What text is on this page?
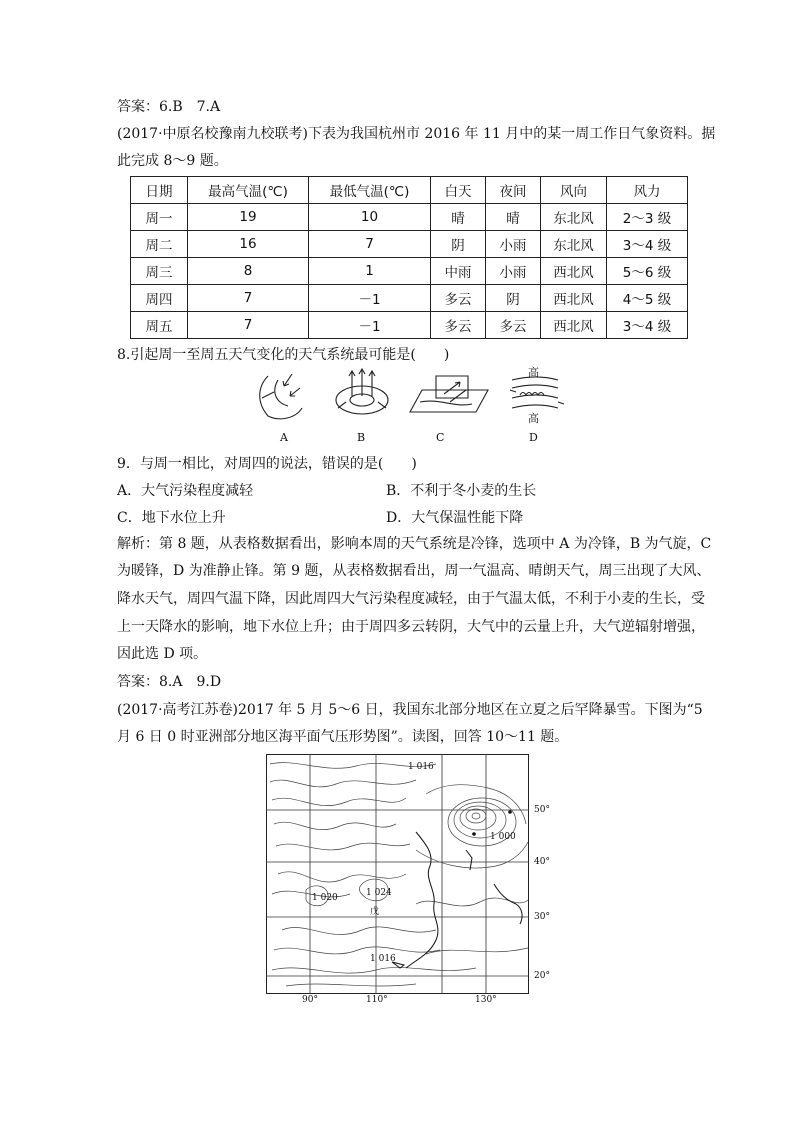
答案：6.B　7.A
(2017·中原名校豫南九校联考)下表为我国杭州市 2016 年 11 月中的某一周工作日气象资料。据
此完成 8～9 题。
日期	最高气温(℃)	最低气温(℃)	白天	夜间	风向	风力
周一	19	10	晴	晴	东北风	2～3 级
周二	16	7	阴	小雨	东北风	3～4 级
周三	8	1	中雨	小雨	西北风	5～6 级
周四	7	－1	多云	阴	西北风	4～5 级
周五	7	－1	多云	多云	西北风	3～4 级
8.引起周一至周五天气变化的天气系统最可能是(　　)
高
高
A	B	C	D
9．与周一相比，对周四的说法，错误的是(　　)
A．大气污染程度减轻	B．不利于冬小麦的生长
C．地下水位上升	D．大气保温性能下降
解析：第 8 题，从表格数据看出，影响本周的天气系统是冷锋，选项中 A 为冷锋，B 为气旋，C
为暖锋，D 为准静止锋。第 9 题，从表格数据看出，周一气温高、晴朗天气，周三出现了大风、
降水天气，周四气温下降，因此周四大气污染程度减轻，由于气温太低，不利于小麦的生长，受
上一天降水的影响，地下水位上升；由于周四多云转阴，大气中的云量上升，大气逆辐射增强，
因此选 D 项。
答案：8.A　9.D
(2017·高考江苏卷)2017 年 5 月 5～6 日，我国东北部分地区在立夏之后罕降暴雪。下图为“5
月 6 日 0 时亚洲部分地区海平面气压形势图”。读图，回答 10～11 题。
1 016
1 000
1 024
1 020
1 016
戊
50°
40°
30°
20°
90°	110°	130°
